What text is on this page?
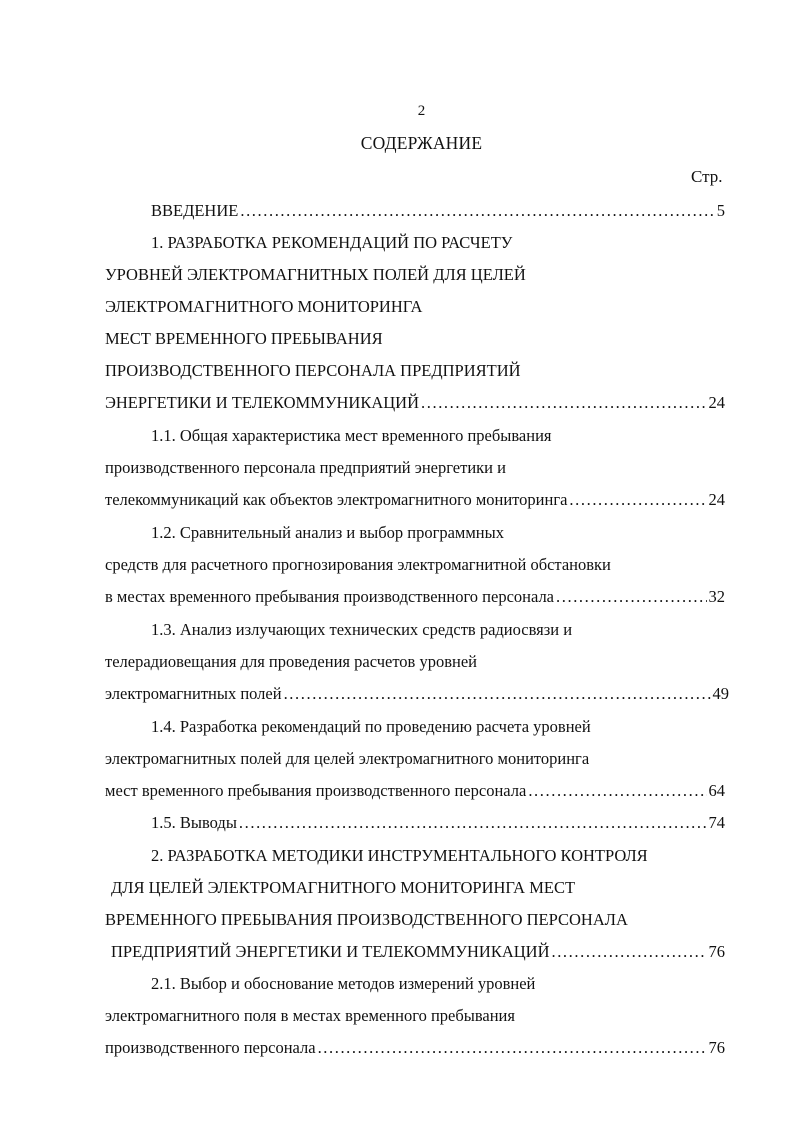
2
СОДЕРЖАНИЕ
Стр.
ВВЕДЕНИЕ .....	5
1. РАЗРАБОТКА РЕКОМЕНДАЦИЙ ПО РАСЧЕТУ
УРОВНЕЙ ЭЛЕКТРОМАГНИТНЫХ ПОЛЕЙ ДЛЯ ЦЕЛЕЙ
ЭЛЕКТРОМАГНИТНОГО МОНИТОРИНГА
МЕСТ ВРЕМЕННОГО ПРЕБЫВАНИЯ
ПРОИЗВОДСТВЕННОГО ПЕРСОНАЛА ПРЕДПРИЯТИЙ
ЭНЕРГЕТИКИ И ТЕЛЕКОММУНИКАЦИЙ .....	24
1.1. Общая характеристика мест временного пребывания
производственного персонала предприятий энергетики и
телекоммуникаций как объектов электромагнитного мониторинга .....	24
1.2. Сравнительный анализ и выбор программных
средств для расчетного прогнозирования электромагнитной обстановки
в местах временного пребывания производственного персонала .....	32
1.3. Анализ излучающих технических средств радиосвязи и
телерадиовещания для проведения расчетов уровней
электромагнитных полей .....	49
1.4. Разработка рекомендаций по проведению расчета уровней
электромагнитных полей для целей электромагнитного мониторинга
мест временного пребывания производственного персонала .....	64
1.5. Выводы .....	74
2. РАЗРАБОТКА МЕТОДИКИ ИНСТРУМЕНТАЛЬНОГО КОНТРОЛЯ
ДЛЯ ЦЕЛЕЙ ЭЛЕКТРОМАГНИТНОГО МОНИТОРИНГА МЕСТ
ВРЕМЕННОГО ПРЕБЫВАНИЯ ПРОИЗВОДСТВЕННОГО ПЕРСОНАЛА
ПРЕДПРИЯТИЙ ЭНЕРГЕТИКИ И ТЕЛЕКОММУНИКАЦИЙ .....	76
2.1. Выбор и обоснование методов измерений уровней
электромагнитного поля в местах временного пребывания
производственного персонала .....	76
